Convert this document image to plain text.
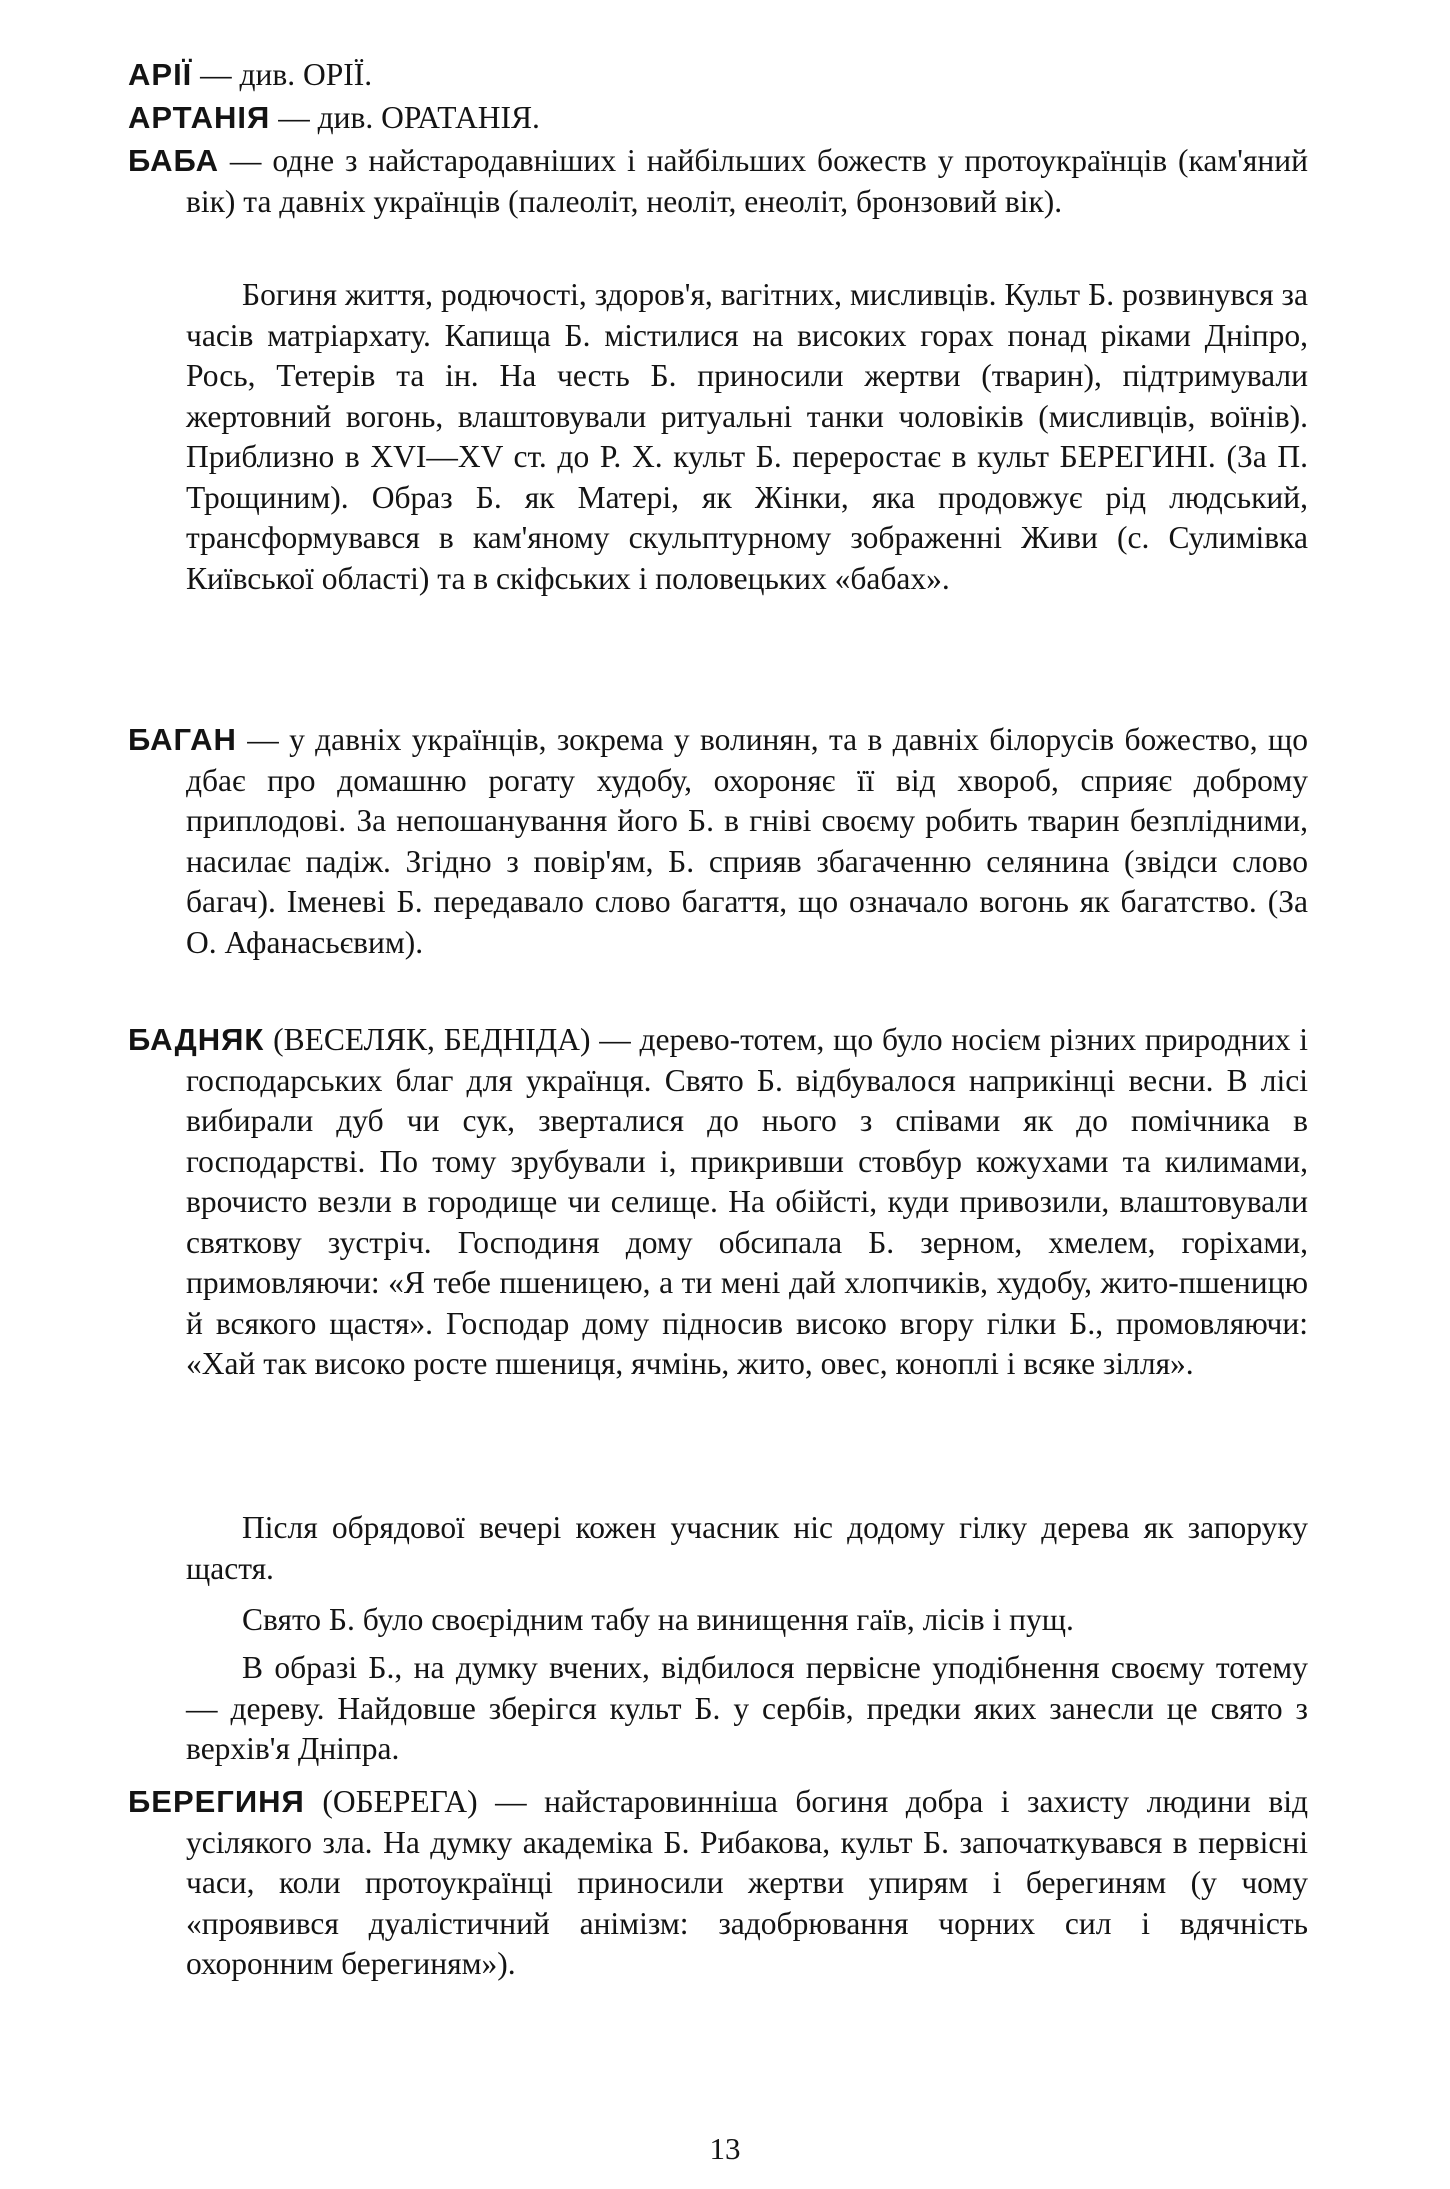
АРІЇ — див. ОРІЇ.
АРТАНІЯ — див. ОРАТАНІЯ.
БАБА — одне з найстародавніших і найбільших божеств у протоукраїнців (кам'яний вік) та давніх українців (палеоліт, неоліт, енеоліт, бронзовий вік).
Богиня життя, родючості, здоров'я, вагітних, мисливців. Культ Б. розвинувся за часів матріархату. Капища Б. містилися на високих горах понад ріками Дніпро, Рось, Тетерів та ін. На честь Б. приносили жертви (тварин), підтримували жертовний вогонь, влаштовували ритуальні танки чоловіків (мисливців, воїнів). Приблизно в XVI—XV ст. до Р. X. культ Б. переростає в культ БЕРЕГИНІ. (За П. Трощиним). Образ Б. як Матері, як Жінки, яка продовжує рід людський, трансформувався в кам'яному скульптурному зображенні Живи (с. Сулимівка Київської області) та в скіфських і половецьких «бабах».
БАГАН — у давніх українців, зокрема у волинян, та в давніх білорусів божество, що дбає про домашню рогату худобу, охороняє її від хвороб, сприяє доброму приплодові. За непошанування його Б. в гніві своєму робить тварин безплідними, насилає падіж. Згідно з повір'ям, Б. сприяв збагаченню селянина (звідси слово багач). Іменеві Б. передавало слово багаття, що означало вогонь як багатство. (За О. Афанасьєвим).
БАДНЯК (ВЕСЕЛЯК, БЕДНІДА) — дерево-тотем, що було носієм різних природних і господарських благ для українця. Свято Б. відбувалося наприкінці весни. В лісі вибирали дуб чи сук, зверталися до нього з співами як до помічника в господарстві. По тому зрубували і, прикривши стовбур кожухами та килимами, врочисто везли в городище чи селище. На обійсті, куди привозили, влаштовували святкову зустріч. Господиня дому обсипала Б. зерном, хмелем, горіхами, примовляючи: «Я тебе пшеницею, а ти мені дай хлопчиків, худобу, жито-пшеницю й всякого щастя». Господар дому підносив високо вгору гілки Б., промовляючи: «Хай так високо росте пшениця, ячмінь, жито, овес, коноплі і всяке зілля».
Після обрядової вечері кожен учасник ніс додому гілку дерева як запоруку щастя.
Свято Б. було своєрідним табу на винищення гаїв, лісів і пущ.
В образі Б., на думку вчених, відбилося первісне уподібнення своєму тотему — дереву. Найдовше зберігся культ Б. у сербів, предки яких занесли це свято з верхів'я Дніпра.
БЕРЕГИНЯ (ОБЕРЕГА) — найстаровинніша богиня добра і захисту людини від усілякого зла. На думку академіка Б. Рибакова, культ Б. започаткувався в первісні часи, коли протоукраїнці приносили жертви упирям і берегиням (у чому «проявився дуалістичний анімізм: задобрювання чорних сил і вдячність охоронним берегиням»).
13
